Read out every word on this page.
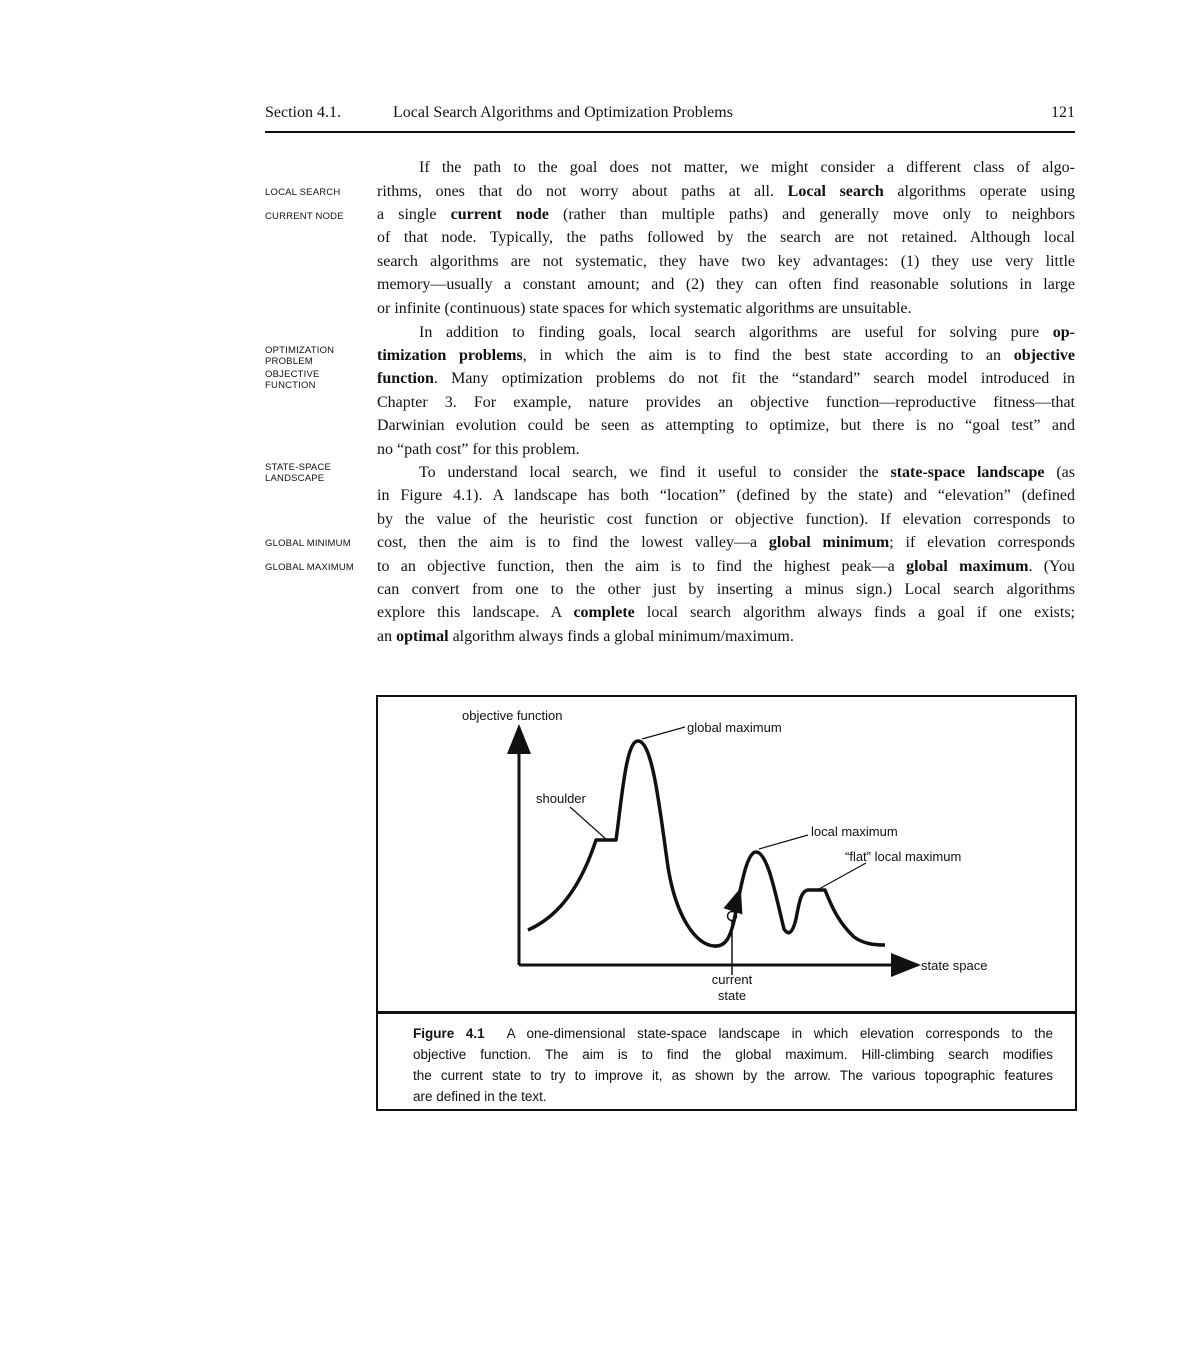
Section 4.1.	Local Search Algorithms and Optimization Problems	121
LOCAL SEARCH
CURRENT NODE
OPTIMIZATION
PROBLEM
OBJECTIVE
FUNCTION
STATE-SPACE
LANDSCAPE
GLOBAL MINIMUM
GLOBAL MAXIMUM
If the path to the goal does not matter, we might consider a different class of algo-
rithms, ones that do not worry about paths at all. Local search algorithms operate using
a single current node (rather than multiple paths) and generally move only to neighbors
of that node. Typically, the paths followed by the search are not retained. Although local
search algorithms are not systematic, they have two key advantages: (1) they use very little
memory—usually a constant amount; and (2) they can often find reasonable solutions in large
or infinite (continuous) state spaces for which systematic algorithms are unsuitable.
In addition to finding goals, local search algorithms are useful for solving pure op-
timization problems, in which the aim is to find the best state according to an objective
function. Many optimization problems do not fit the “standard” search model introduced in
Chapter 3. For example, nature provides an objective function—reproductive fitness—that
Darwinian evolution could be seen as attempting to optimize, but there is no “goal test” and
no “path cost” for this problem.
To understand local search, we find it useful to consider the state-space landscape (as
in Figure 4.1). A landscape has both “location” (defined by the state) and “elevation” (defined
by the value of the heuristic cost function or objective function). If elevation corresponds to
cost, then the aim is to find the lowest valley—a global minimum; if elevation corresponds
to an objective function, then the aim is to find the highest peak—a global maximum. (You
can convert from one to the other just by inserting a minus sign.) Local search algorithms
explore this landscape. A complete local search algorithm always finds a goal if one exists;
an optimal algorithm always finds a global minimum/maximum.
objective function
state space
global maximum
shoulder
local maximum
“flat” local maximum
current
state
Figure 4.1 A one-dimensional state-space landscape in which elevation corresponds to the
objective function. The aim is to find the global maximum. Hill-climbing search modifies
the current state to try to improve it, as shown by the arrow. The various topographic features
are defined in the text.
